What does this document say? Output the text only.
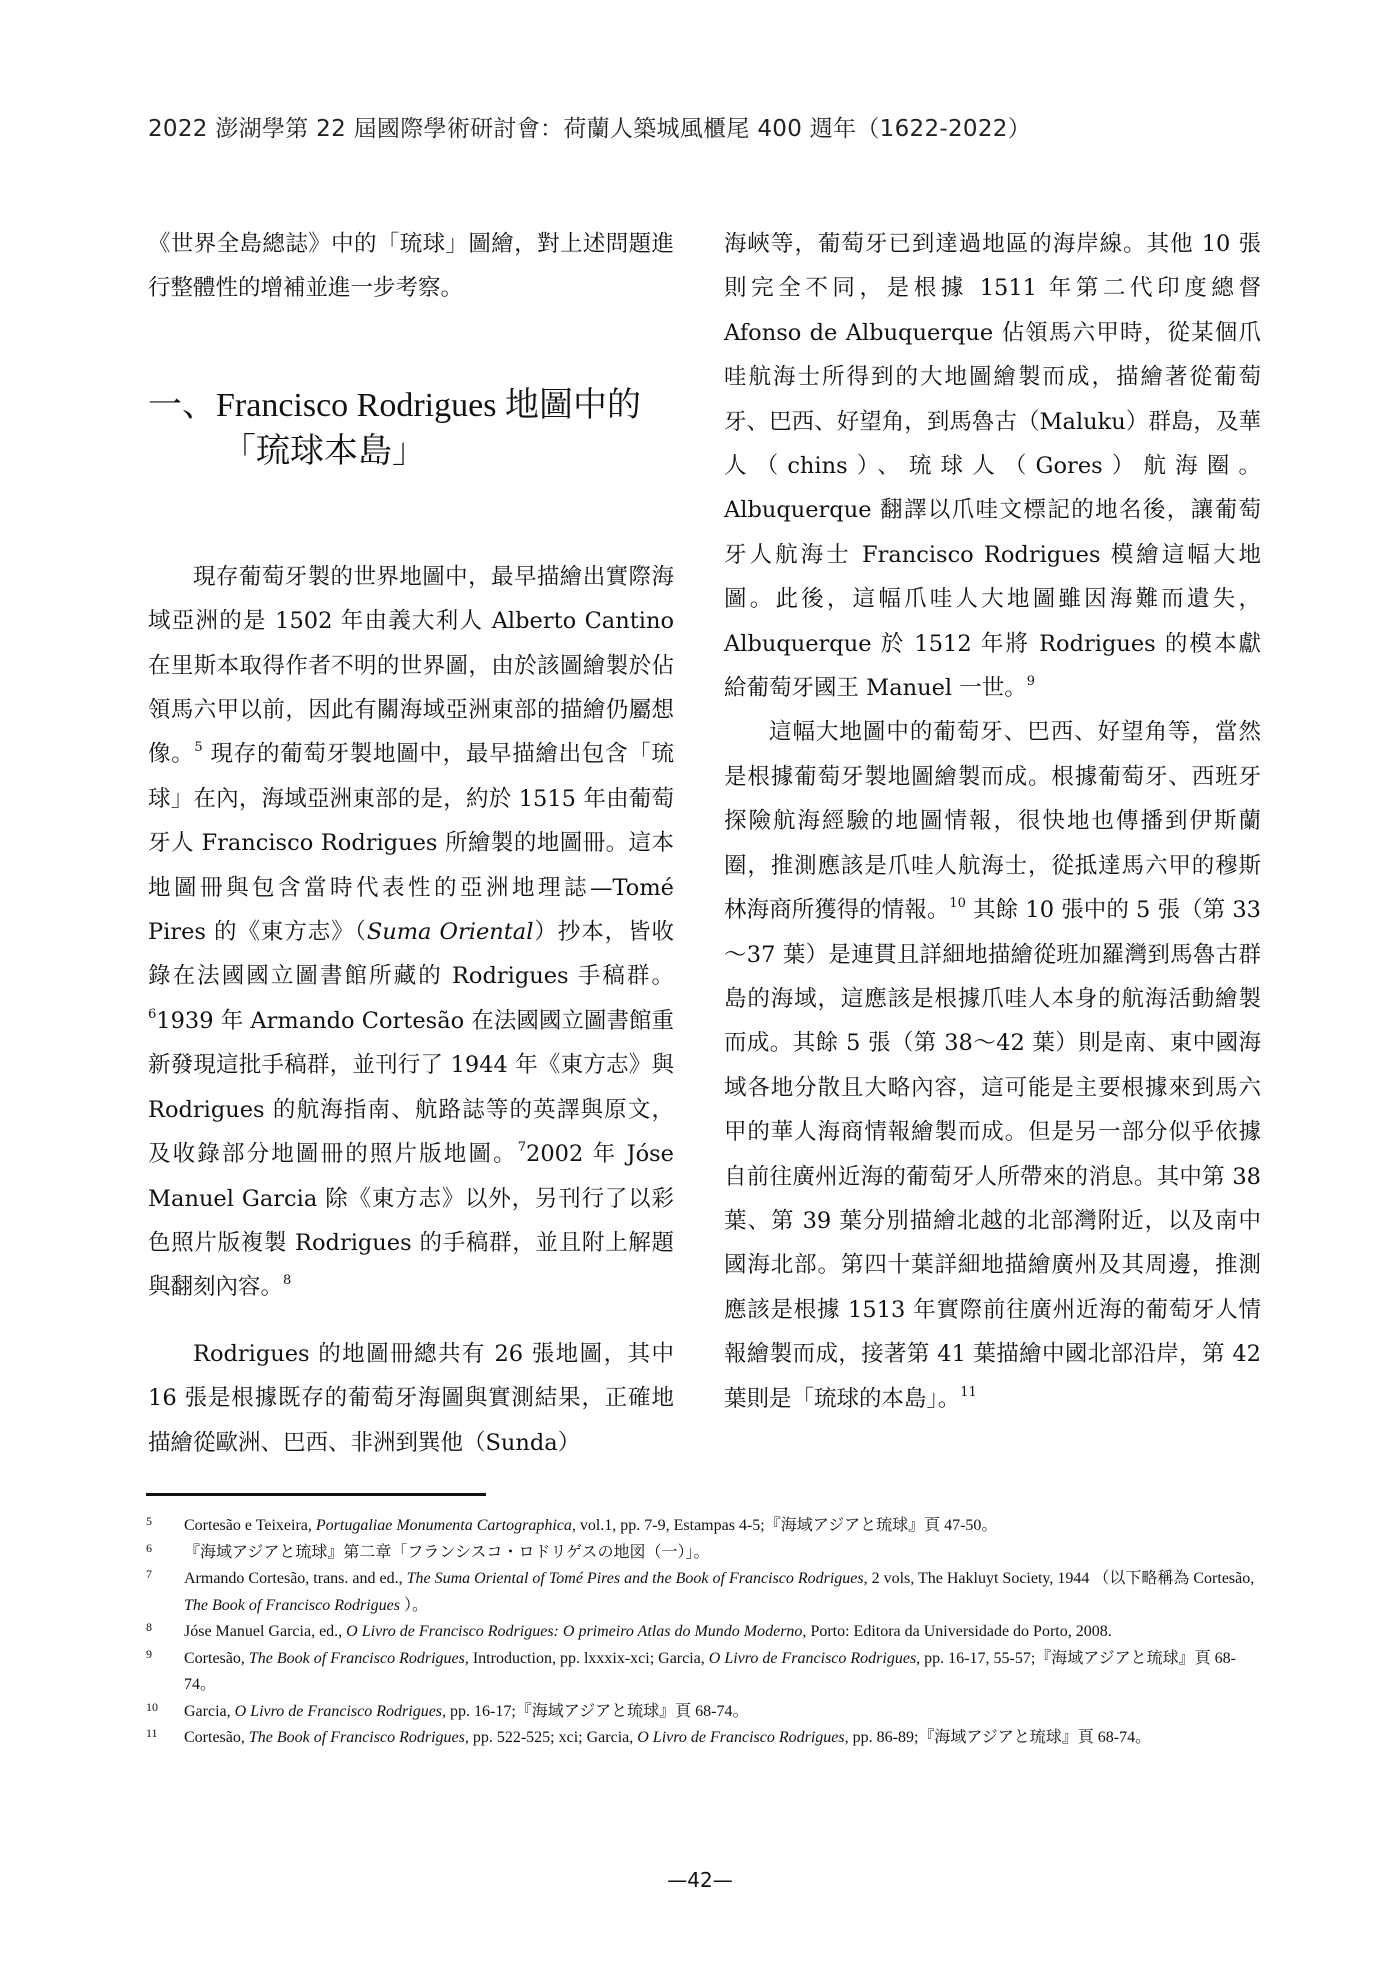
2022 澎湖學第 22 屆國際學術研討會：荷蘭人築城風櫃尾 400 週年（1622-2022）

《世界全島總誌》中的「琉球」圖繪，對上述問題進行整體性的增補並進一步考察。

一、Francisco Rodrigues 地圖中的
「琉球本島」

現存葡萄牙製的世界地圖中，最早描繪出實際海域亞洲的是 1502 年由義大利人 Alberto Cantino 在里斯本取得作者不明的世界圖，由於該圖繪製於佔領馬六甲以前，因此有關海域亞洲東部的描繪仍屬想像。$^5$ 現存的葡萄牙製地圖中，最早描繪出包含「琉球」在內，海域亞洲東部的是，約於 1515 年由葡萄牙人 Francisco Rodrigues 所繪製的地圖冊。這本地圖冊與包含當時代表性的亞洲地理誌—Tomé Pires 的《東方志》（Suma Oriental）抄本，皆收錄在法國國立圖書館所藏的 Rodrigues 手稿群。$^6$1939 年 Armando Cortesão 在法國國立圖書館重新發現這批手稿群，並刊行了 1944 年《東方志》與 Rodrigues 的航海指南、航路誌等的英譯與原文，及收錄部分地圖冊的照片版地圖。$^7$2002 年 Jóse Manuel Garcia 除《東方志》以外，另刊行了以彩色照片版複製 Rodrigues 的手稿群，並且附上解題與翻刻內容。$^8$

Rodrigues 的地圖冊總共有 26 張地圖，其中 16 張是根據既存的葡萄牙海圖與實測結果，正確地描繪從歐洲、巴西、非洲到巽他（Sunda）

海峽等，葡萄牙已到達過地區的海岸線。其他 10 張則完全不同，是根據 1511 年第二代印度總督 Afonso de Albuquerque 佔領馬六甲時，從某個爪哇航海士所得到的大地圖繪製而成，描繪著從葡萄牙、巴西、好望角，到馬魯古（Maluku）群島，及華人（chins）、琉球人（Gores）航海圈。Albuquerque 翻譯以爪哇文標記的地名後，讓葡萄牙人航海士 Francisco Rodrigues 模繪這幅大地圖。此後，這幅爪哇人大地圖雖因海難而遺失，Albuquerque 於 1512 年將 Rodrigues 的模本獻給葡萄牙國王 Manuel 一世。$^9$

這幅大地圖中的葡萄牙、巴西、好望角等，當然是根據葡萄牙製地圖繪製而成。根據葡萄牙、西班牙探險航海經驗的地圖情報，很快地也傳播到伊斯蘭圈，推測應該是爪哇人航海士，從抵達馬六甲的穆斯林海商所獲得的情報。$^{10}$ 其餘 10 張中的 5 張（第 33～37 葉）是連貫且詳細地描繪從班加羅灣到馬魯古群島的海域，這應該是根據爪哇人本身的航海活動繪製而成。其餘 5 張（第 38～42 葉）則是南、東中國海域各地分散且大略內容，這可能是主要根據來到馬六甲的華人海商情報繪製而成。但是另一部分似乎依據自前往廣州近海的葡萄牙人所帶來的消息。其中第 38 葉、第 39 葉分別描繪北越的北部灣附近，以及南中國海北部。第四十葉詳細地描繪廣州及其周邊，推測應該是根據 1513 年實際前往廣州近海的葡萄牙人情報繪製而成，接著第 41 葉描繪中國北部沿岸，第 42 葉則是「琉球的本島」。$^{11}$

5 Cortesão e Teixeira, Portugaliae Monumenta Cartographica, vol.1, pp. 7-9, Estampas 4-5;『海域アジアと琉球』頁 47-50。

6 『海域アジアと琉球』第二章「フランシスコ・ロドリゲスの地図（一）」。

7 Armando Cortesão, trans. and ed., The Suma Oriental of Tomé Pires and the Book of Francisco Rodrigues, 2 vols, The Hakluyt Society, 1944 （以下略稱為 Cortesão, The Book of Francisco Rodrigues ）。

8 Jóse Manuel Garcia, ed., O Livro de Francisco Rodrigues: O primeiro Atlas do Mundo Moderno, Porto: Editora da Universidade do Porto, 2008.

9 Cortesão, The Book of Francisco Rodrigues, Introduction, pp. lxxxix-xci; Garcia, O Livro de Francisco Rodrigues, pp. 16-17, 55-57;『海域アジアと琉球』頁 68-74。

10 Garcia, O Livro de Francisco Rodrigues, pp. 16-17;『海域アジアと琉球』頁 68-74。

11 Cortesão, The Book of Francisco Rodrigues, pp. 522-525; xci; Garcia, O Livro de Francisco Rodrigues, pp. 86-89;『海域アジアと琉球』頁 68-74。

—42—
